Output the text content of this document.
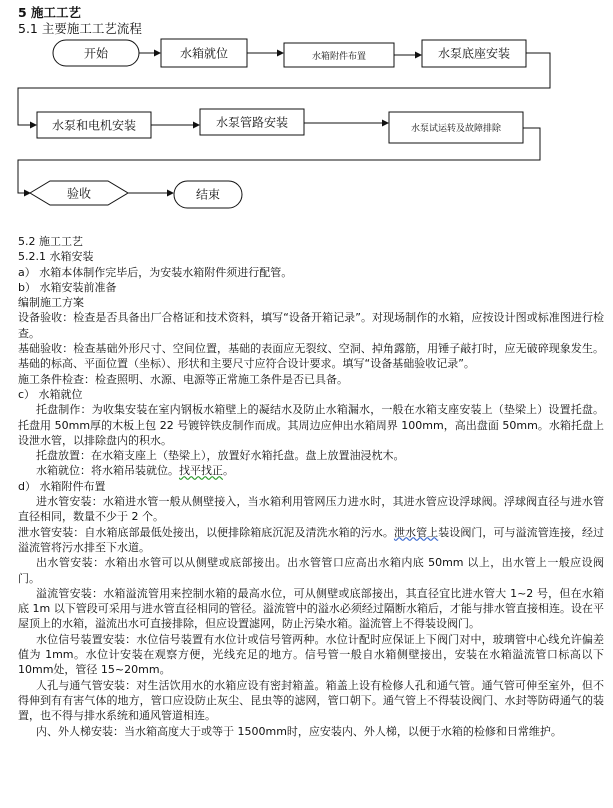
5 施工工艺
5.1 主要施工工艺流程
开始	水箱就位	水箱附件布置	水泵底座安装
水泵和电机安装	水泵管路安装	水泵试运转及故障排除
验收	结束

5.2 施工工艺

5.2.1 水箱安装

a） 水箱本体制作完毕后，为安装水箱附件须进行配管。

b） 水箱安装前准备

编制施工方案

设备验收：检查是否具备出厂合格证和技术资料，填写“设备开箱记录”。对现场制作的水箱，应按设计图或标准图进行检查。

基础验收：检查基础外形尺寸、空间位置，基础的表面应无裂纹、空洞、掉角露筋，用锤子敲打时，应无破碎现象发生。基础的标高、平面位置（坐标）、形状和主要尺寸应符合设计要求。填写“设备基础验收记录”。

施工条件检查：检查照明、水源、电源等正常施工条件是否已具备。

c） 水箱就位

托盘制作：为收集安装在室内钢板水箱壁上的凝结水及防止水箱漏水，一般在水箱支座安装上（垫梁上）设置托盘。托盘用 50mm厚的木板上包 22 号镀锌铁皮制作而成。其周边应伸出水箱周界 100mm，高出盘面 50mm。水箱托盘上设泄水管，以排除盘内的积水。

托盘放置：在水箱支座上（垫梁上），放置好水箱托盘。盘上放置油浸枕木。

水箱就位：将水箱吊装就位。找平找正。

d） 水箱附件布置

进水管安装：水箱进水管一般从侧壁接入，当水箱利用管网压力进水时，其进水管应设浮球阀。浮球阀直径与进水管直径相同，数量不少于 2 个。

泄水管安装：自水箱底部最低处接出，以便排除箱底沉泥及清洗水箱的污水。泄水管上装设阀门，可与溢流管连接，经过溢流管将污水排至下水道。

出水管安装：水箱出水管可以从侧壁或底部接出。出水管管口应高出水箱内底 50mm 以上，出水管上一般应设阀门。

溢流管安装：水箱溢流管用来控制水箱的最高水位，可从侧壁或底部接出，其直径宜比进水管大 1~2 号，但在水箱底 1m 以下管段可采用与进水管直径相同的管径。溢流管中的溢水必须经过隔断水箱后，才能与排水管直接相连。设在平屋顶上的水箱，溢流出水可直接排除，但应设置滤网，防止污染水箱。溢流管上不得装设阀门。

水位信号装置安装：水位信号装置有水位计或信号管两种。水位计配时应保证上下阀门对中，玻璃管中心线允许偏差值为 1mm。水位计安装在观察方便，光线充足的地方。信号管一般自水箱侧壁接出，安装在水箱溢流管口标高以下 10mm处，管径 15~20mm。

人孔与通气管安装：对生活饮用水的水箱应设有密封箱盖。箱盖上设有检修人孔和通气管。通气管可伸至室外，但不得伸到有有害气体的地方，管口应设防止灰尘、昆虫等的滤网，管口朝下。通气管上不得装设阀门、水封等防碍通气的装置，也不得与排水系统和通风管道相连。

内、外人梯安装：当水箱高度大于或等于 1500mm时，应安装内、外人梯，以便于水箱的检修和日常维护。
